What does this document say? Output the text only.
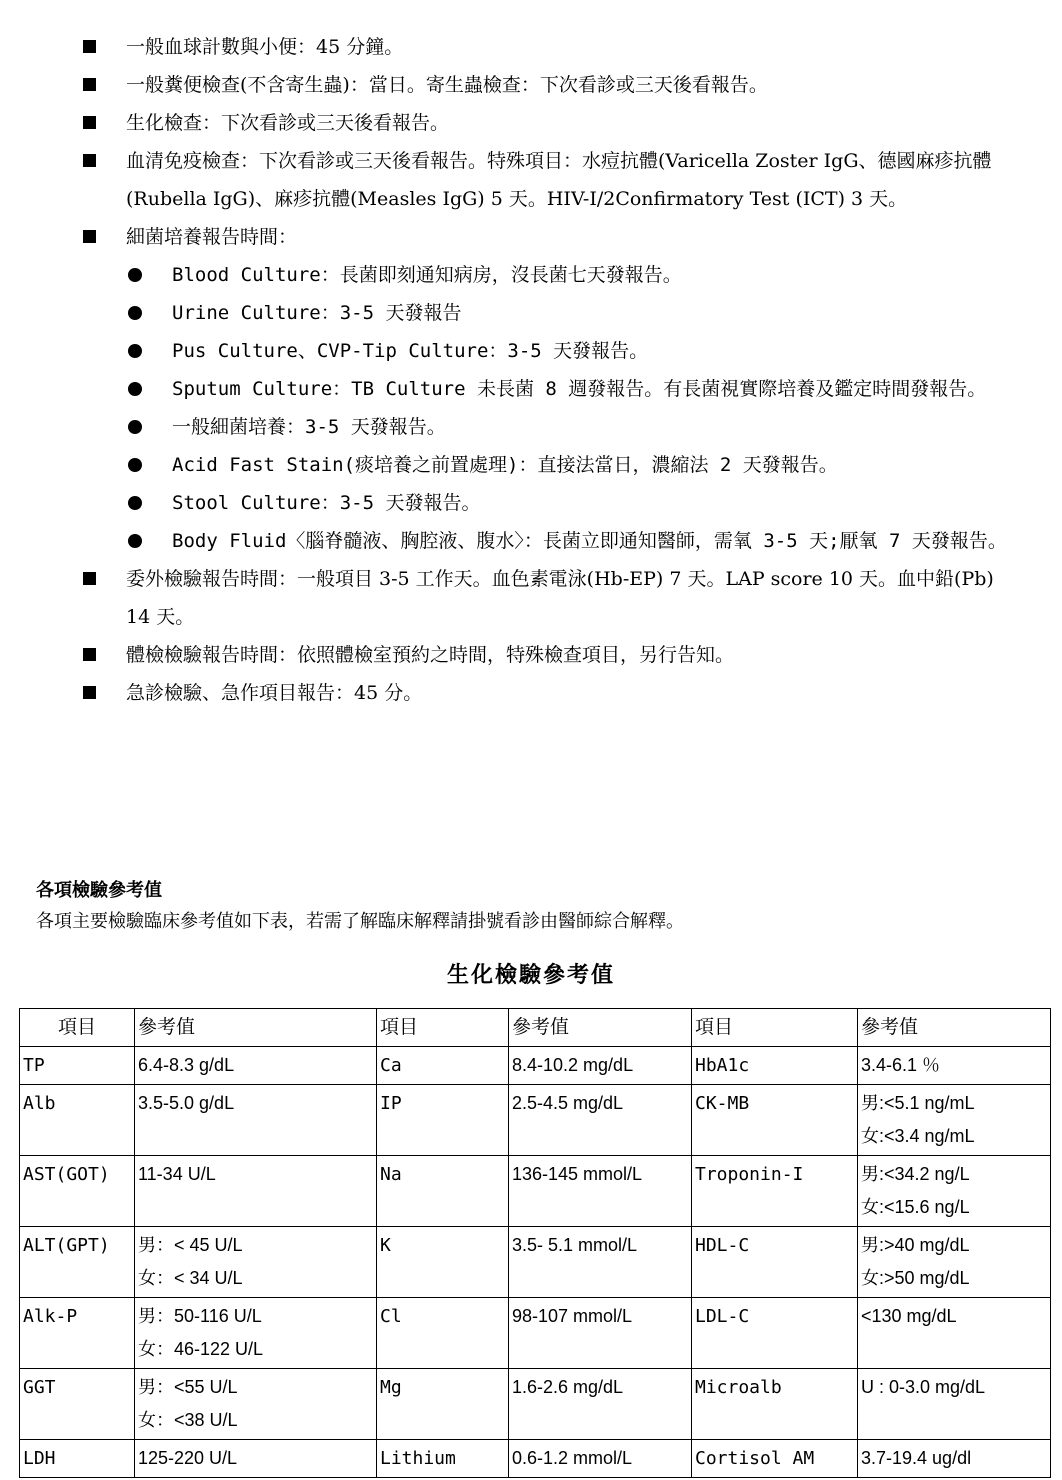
一般血球計數與小便：45 分鐘。
一般糞便檢查(不含寄生蟲)：當日。寄生蟲檢查：下次看診或三天後看報告。
生化檢查：下次看診或三天後看報告。
血清免疫檢查：下次看診或三天後看報告。特殊項目：水痘抗體(Varicella Zoster IgG、德國麻疹抗體(Rubella IgG)、麻疹抗體(Measles IgG) 5 天。HIV-I/2Confirmatory Test (ICT) 3 天。
細菌培養報告時間：
Blood Culture：長菌即刻通知病房，沒長菌七天發報告。
Urine Culture：3-5 天發報告
Pus Culture、CVP-Tip Culture：3-5 天發報告。
Sputum Culture：TB Culture 未長菌 8 週發報告。有長菌視實際培養及鑑定時間發報告。
一般細菌培養：3-5 天發報告。
Acid Fast Stain(痰培養之前置處理)：直接法當日，濃縮法 2 天發報告。
Stool Culture：3-5 天發報告。
Body Fluid〈腦脊髓液、胸腔液、腹水〉：長菌立即通知醫師，需氧 3-5 天;厭氧 7 天發報告。
委外檢驗報告時間：一般項目 3-5 工作天。血色素電泳(Hb-EP) 7 天。LAP score 10 天。血中鉛(Pb) 14 天。
體檢檢驗報告時間：依照體檢室預約之時間，特殊檢查項目，另行告知。
急診檢驗、急作項目報告：45 分。
各項檢驗參考值
各項主要檢驗臨床參考值如下表，若需了解臨床解釋請掛號看診由醫師綜合解釋。
生化檢驗參考值
項目	參考值	項目	參考值	項目	參考值
TP	6.4-8.3 g/dL	Ca	8.4-10.2 mg/dL	HbA1c	3.4-6.1 ％

Alb	3.5-5.0 g/dL	IP	2.5-4.5 mg/dL	CK-MB	男:<5.1 ng/mL
女:<3.4 ng/mL

AST(GOT)	11-34 U/L	Na	136-145 mmol/L	Troponin-I	男:<34.2 ng/L
女:<15.6 ng/L

ALT(GPT)	男：< 45 U/L
女：< 34 U/L	K	3.5- 5.1 mmol/L	HDL-C	男:>40 mg/dL
女:>50 mg/dL

Alk-P	男：50-116 U/L
女：46-122 U/L	Cl	98-107 mmol/L	LDL-C	<130 mg/dL

GGT	男：<55 U/L
女：<38 U/L	Mg	1.6-2.6 mg/dL	Microalb	U : 0-3.0 mg/dL

LDH	125-220 U/L	Lithium	0.6-1.2 mmol/L	Cortisol AM	3.7-19.4 ug/dl
